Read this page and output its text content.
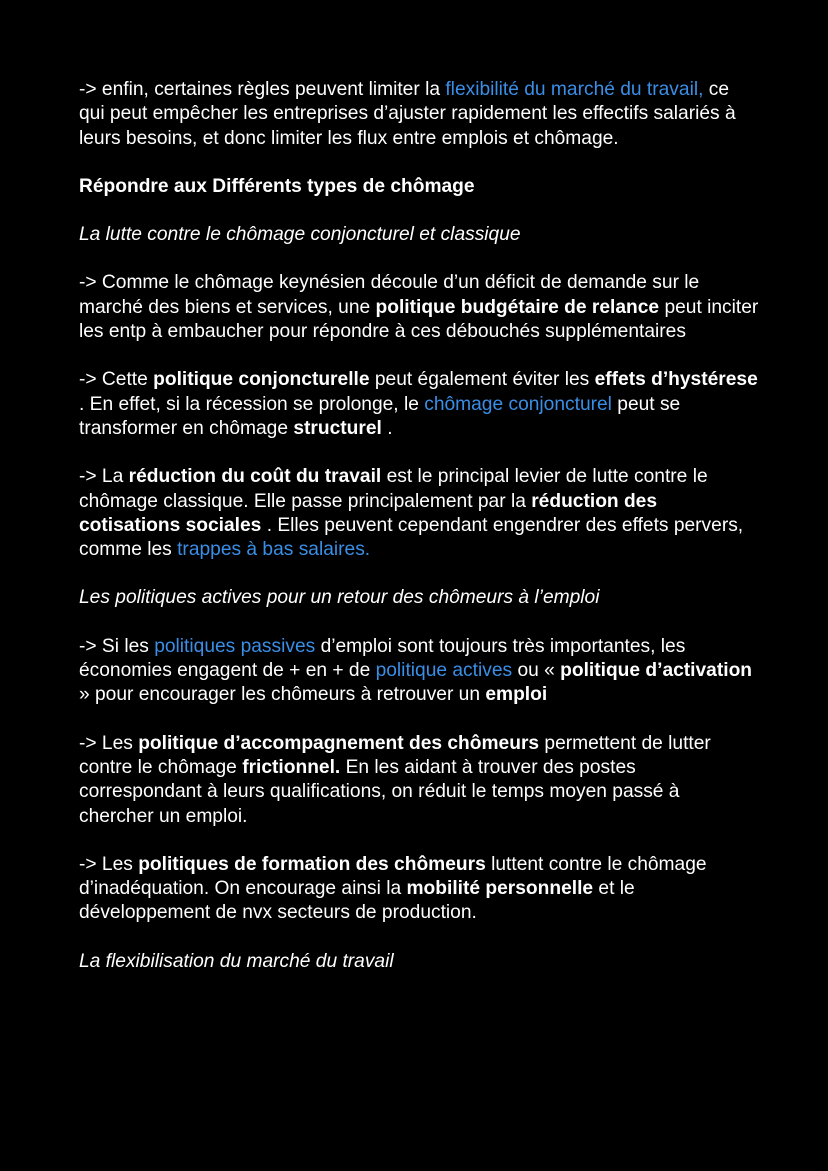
-> enfin, certaines règles peuvent limiter la flexibilité du marché du travail, ce qui peut empêcher les entreprises d’ajuster rapidement les effectifs salariés à leurs besoins, et donc limiter les flux entre emplois et chômage.

Répondre aux Différents types de chômage

La lutte contre le chômage conjoncturel et classique

-> Comme le chômage keynésien découle d’un déficit de demande sur le marché des biens et services, une politique budgétaire de relance peut inciter les entp à embaucher pour répondre à ces débouchés supplémentaires

-> Cette politique conjoncturelle peut également éviter les effets d’hystérese . En effet, si la récession se prolonge, le chômage conjoncturel peut se transformer en chômage structurel .

-> La réduction du coût du travail est le principal levier de lutte contre le chômage classique. Elle passe principalement par la réduction des cotisations sociales . Elles peuvent cependant engendrer des effets pervers, comme les trappes à bas salaires.

Les politiques actives pour un retour des chômeurs à l’emploi

-> Si les politiques passives d’emploi sont toujours très importantes, les économies engagent de + en + de politique actives ou « politique d’activation » pour encourager les chômeurs à retrouver un emploi

-> Les politique d’accompagnement des chômeurs permettent de lutter contre le chômage frictionnel. En les aidant à trouver des postes correspondant à leurs qualifications, on réduit le temps moyen passé à chercher un emploi.

-> Les politiques de formation des chômeurs luttent contre le chômage d’inadéquation. On encourage ainsi la mobilité personnelle et le développement de nvx secteurs de production.

La flexibilisation du marché du travail
